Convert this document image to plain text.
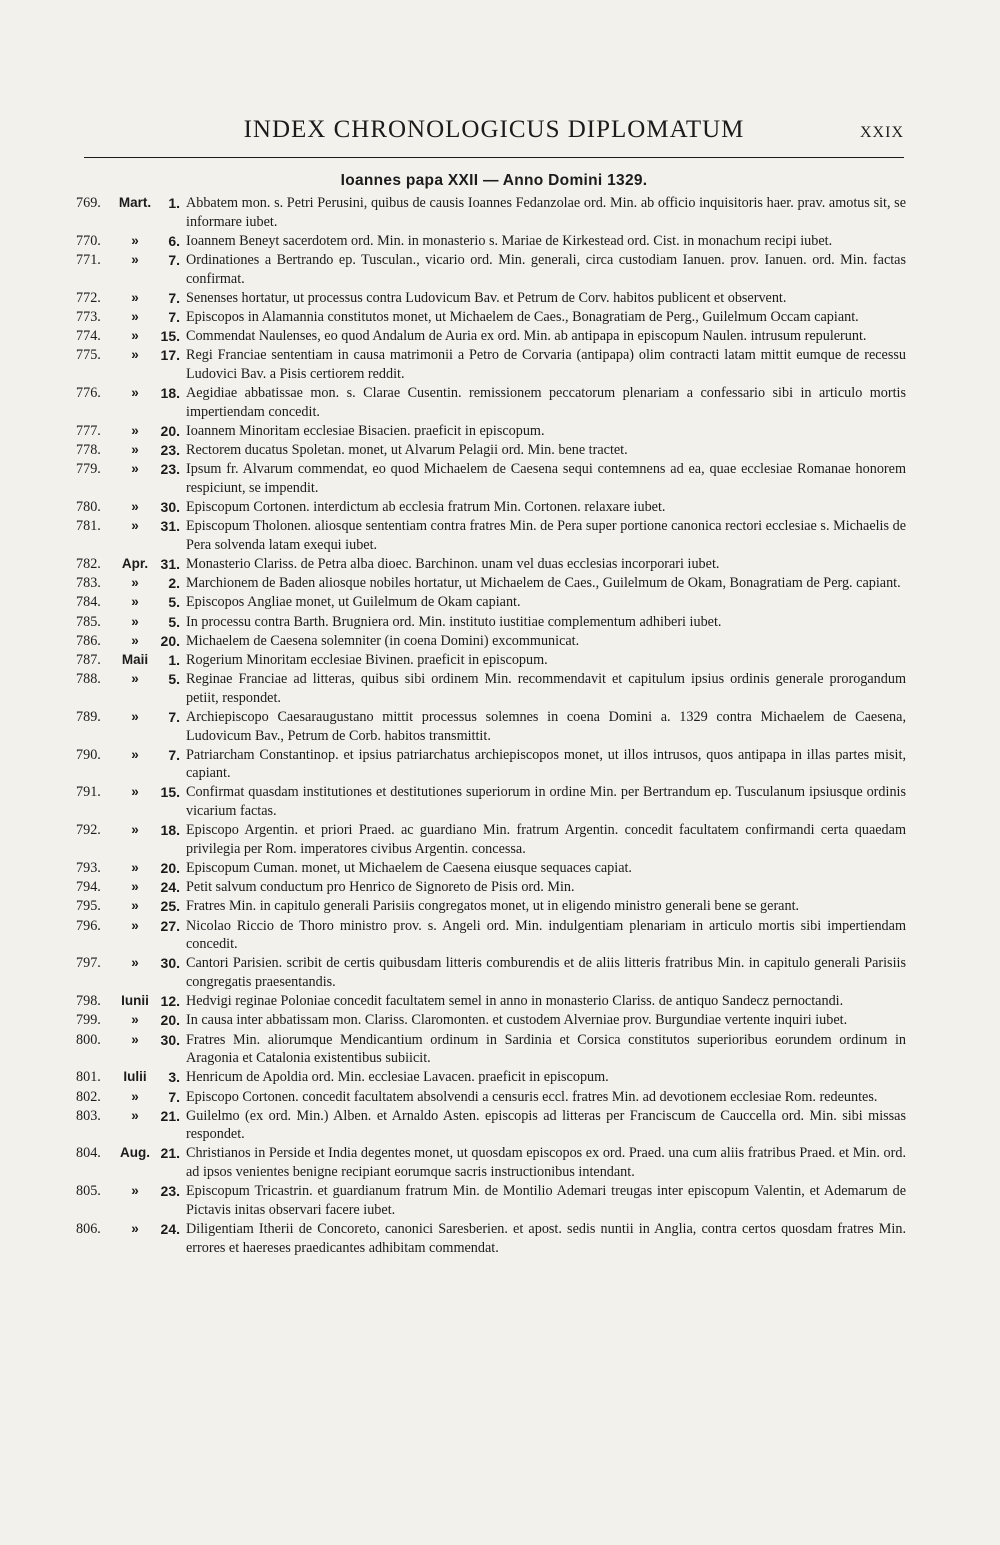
INDEX CHRONOLOGICUS DIPLOMATUM	XXIX
Ioannes papa XXII — Anno Domini 1329.
769.	Mart.	1. Abbatem mon. s. Petri Perusini, quibus de causis Ioannes Fedanzolae ord. Min. ab officio inquisitoris haer. prav. amotus sit, se informare iubet.
770.	»	6. Ioannem Beneyt sacerdotem ord. Min. in monasterio s. Mariae de Kirkestead ord. Cist. in monachum recipi iubet.
771.	»	7. Ordinationes a Bertrando ep. Tusculan., vicario ord. Min. generali, circa custodiam Ianuen. prov. Ianuen. ord. Min. factas confirmat.
772.	»	7. Senenses hortatur, ut processus contra Ludovicum Bav. et Petrum de Corv. habitos publicent et observent.
773.	»	7. Episcopos in Alamannia constitutos monet, ut Michaelem de Caes., Bonagratiam de Perg., Guilelmum Occam capiant.
774.	»	15. Commendat Naulenses, eo quod Andalum de Auria ex ord. Min. ab antipapa in episcopum Naulen. intrusum repulerunt.
775.	»	17. Regi Franciae sententiam in causa matrimonii a Petro de Corvaria (antipapa) olim contracti latam mittit eumque de recessu Ludovici Bav. a Pisis certiorem reddit.
776.	»	18. Aegidiae abbatissae mon. s. Clarae Cusentin. remissionem peccatorum plenariam a confessario sibi in articulo mortis impertiendam concedit.
777.	»	20. Ioannem Minoritam ecclesiae Bisacien. praeficit in episcopum.
778.	»	23. Rectorem ducatus Spoletan. monet, ut Alvarum Pelagii ord. Min. bene tractet.
779.	»	23. Ipsum fr. Alvarum commendat, eo quod Michaelem de Caesena sequi contemnens ad ea, quae ecclesiae Romanae honorem respiciunt, se impendit.
780.	»	30. Episcopum Cortonen. interdictum ab ecclesia fratrum Min. Cortonen. relaxare iubet.
781.	»	31. Episcopum Tholonen. aliosque sententiam contra fratres Min. de Pera super portione canonica rectori ecclesiae s. Michaelis de Pera solvenda latam exequi iubet.
782.	Apr. 31. Monasterio Clariss. de Petra alba dioec. Barchinon. unam vel duas ecclesias incorporari iubet.
783.	»	2. Marchionem de Baden aliosque nobiles hortatur, ut Michaelem de Caes., Guilelmum de Okam, Bonagratiam de Perg. capiant.
784.	»	5. Episcopos Angliae monet, ut Guilelmum de Okam capiant.
785.	»	5. In processu contra Barth. Brugniera ord. Min. instituto iustitiae complementum adhiberi iubet.
786.	»	20. Michaelem de Caesena solemniter (in coena Domini) excommunicat.
787.	Maii	1. Rogerium Minoritam ecclesiae Bivinen. praeficit in episcopum.
788.	»	5. Reginae Franciae ad litteras, quibus sibi ordinem Min. recommendavit et capitulum ipsius ordinis generale prorogandum petiit, respondet.
789.	»	7. Archiepiscopo Caesaraugustano mittit processus solemnes in coena Domini a. 1329 contra Michaelem de Caesena, Ludovicum Bav., Petrum de Corb. habitos transmittit.
790.	»	7. Patriarcham Constantinop. et ipsius patriarchatus archiepiscopos monet, ut illos intrusos, quos antipapa in illas partes misit, capiant.
791.	»	15. Confirmat quasdam institutiones et destitutiones superiorum in ordine Min. per Bertrandum ep. Tusculanum ipsiusque ordinis vicarium factas.
792.	»	18. Episcopo Argentin. et priori Praed. ac guardiano Min. fratrum Argentin. concedit facultatem confirmandi certa quaedam privilegia per Rom. imperatores civibus Argentin. concessa.
793.	»	20. Episcopum Cuman. monet, ut Michaelem de Caesena eiusque sequaces capiat.
794.	»	24. Petit salvum conductum pro Henrico de Signoreto de Pisis ord. Min.
795.	»	25. Fratres Min. in capitulo generali Parisiis congregatos monet, ut in eligendo ministro generali bene se gerant.
796.	»	27. Nicolao Riccio de Thoro ministro prov. s. Angeli ord. Min. indulgentiam plenariam in articulo mortis sibi impertiendam concedit.
797.	»	30. Cantori Parisien. scribit de certis quibusdam litteris comburendis et de aliis litteris fratribus Min. in capitulo generali Parisiis congregatis praesentandis.
798.	Iunii 12. Hedvigi reginae Poloniae concedit facultatem semel in anno in monasterio Clariss. de antiquo Sandecz pernoctandi.
799.	»	20. In causa inter abbatissam mon. Clariss. Claromonten. et custodem Alverniae prov. Burgundiae vertente inquiri iubet.
800.	»	30. Fratres Min. aliorumque Mendicantium ordinum in Sardinia et Corsica constitutos superioribus eorundem ordinum in Aragonia et Catalonia existentibus subiicit.
801.	Iulii	3. Henricum de Apoldia ord. Min. ecclesiae Lavacen. praeficit in episcopum.
802.	»	7. Episcopo Cortonen. concedit facultatem absolvendi a censuris eccl. fratres Min. ad devotionem ecclesiae Rom. redeuntes.
803.	»	21. Guilelmo (ex ord. Min.) Alben. et Arnaldo Asten. episcopis ad litteras per Franciscum de Cauccella ord. Min. sibi missas respondet.
804.	Aug. 21. Christianos in Perside et India degentes monet, ut quosdam episcopos ex ord. Praed. una cum aliis fratribus Praed. et Min. ord. ad ipsos venientes benigne recipiant eorumque sacris instructionibus intendant.
805.	»	23. Episcopum Tricastrin. et guardianum fratrum Min. de Montilio Ademari treugas inter episcopum Valentin, et Ademarum de Pictavis initas observari facere iubet.
806.	»	24. Diligentiam Itherii de Concoreto, canonici Saresberien. et apost. sedis nuntii in Anglia, contra certos quosdam fratres Min. errores et haereses praedicantes adhibitam commendat.
